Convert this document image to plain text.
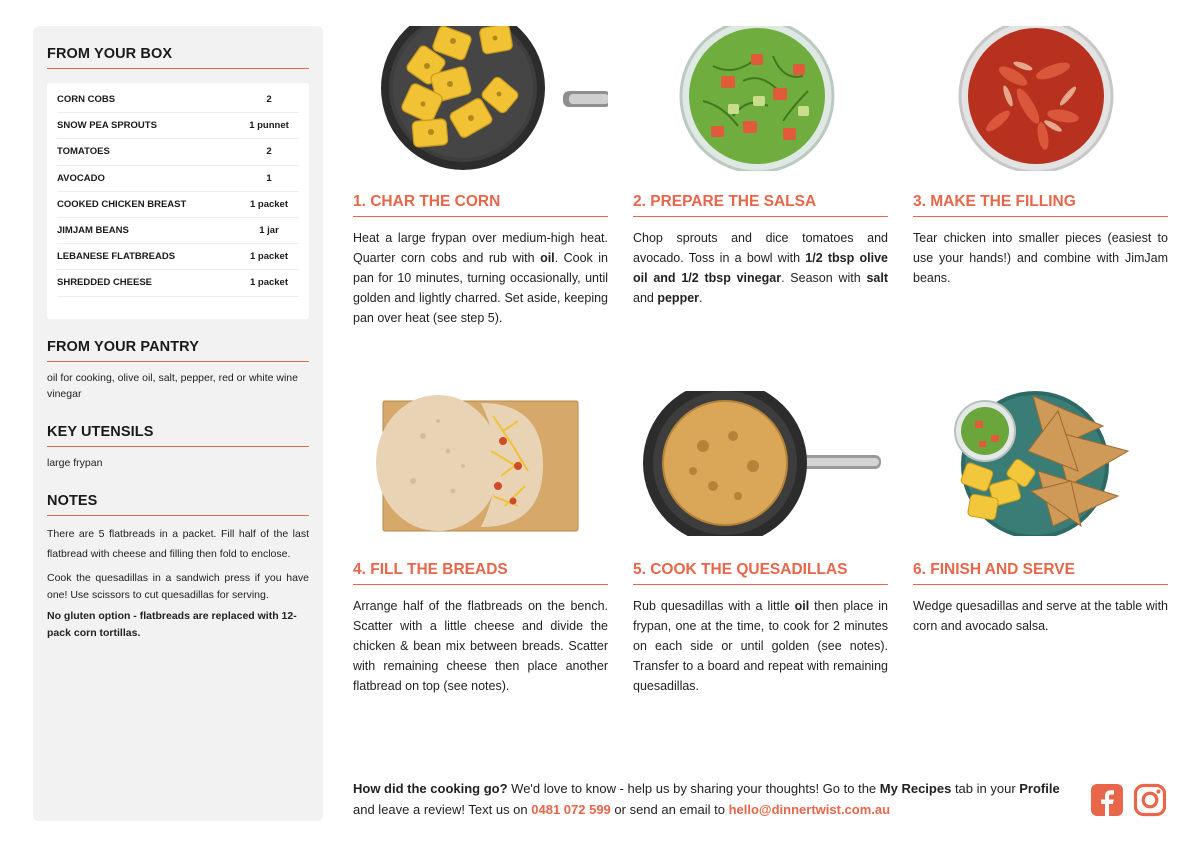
FROM YOUR BOX
CORN COBS	2
SNOW PEA SPROUTS	1 punnet
TOMATOES	2
AVOCADO	1
COOKED CHICKEN BREAST	1 packet
JIMJAM BEANS	1 jar
LEBANESE FLATBREADS	1 packet
SHREDDED CHEESE	1 packet
FROM YOUR PANTRY
oil for cooking, olive oil, salt, pepper, red or white wine vinegar
KEY UTENSILS
large frypan
NOTES

There are 5 flatbreads in a packet. Fill half of the last flatbread with cheese and filling then fold to enclose.

Cook the quesadillas in a sandwich press if you have one! Use scissors to cut quesadillas for serving.

No gluten option - flatbreads are replaced with 12-pack corn tortillas.

1. CHAR THE CORN
Heat a large frypan over medium-high heat. Quarter corn cobs and rub with oil. Cook in pan for 10 minutes, turning occasionally, until golden and lightly charred. Set aside, keeping pan over heat (see step 5).
2. PREPARE THE SALSA
Chop sprouts and dice tomatoes and avocado. Toss in a bowl with 1/2 tbsp olive oil and 1/2 tbsp vinegar. Season with salt and pepper.
3. MAKE THE FILLING
Tear chicken into smaller pieces (easiest to use your hands!) and combine with JimJam beans.
4. FILL THE BREADS
Arrange half of the flatbreads on the bench. Scatter with a little cheese and divide the chicken & bean mix between breads. Scatter with remaining cheese then place another flatbread on top (see notes).
5. COOK THE QUESADILLAS
Rub quesadillas with a little oil then place in frypan, one at the time, to cook for 2 minutes on each side or until golden (see notes). Transfer to a board and repeat with remaining quesadillas.
6. FINISH AND SERVE
Wedge quesadillas and serve at the table with corn and avocado salsa.
How did the cooking go? We'd love to know - help us by sharing your thoughts! Go to the My Recipes tab in your Profile and leave a review! Text us on 0481 072 599 or send an email to hello@dinnertwist.com.au
